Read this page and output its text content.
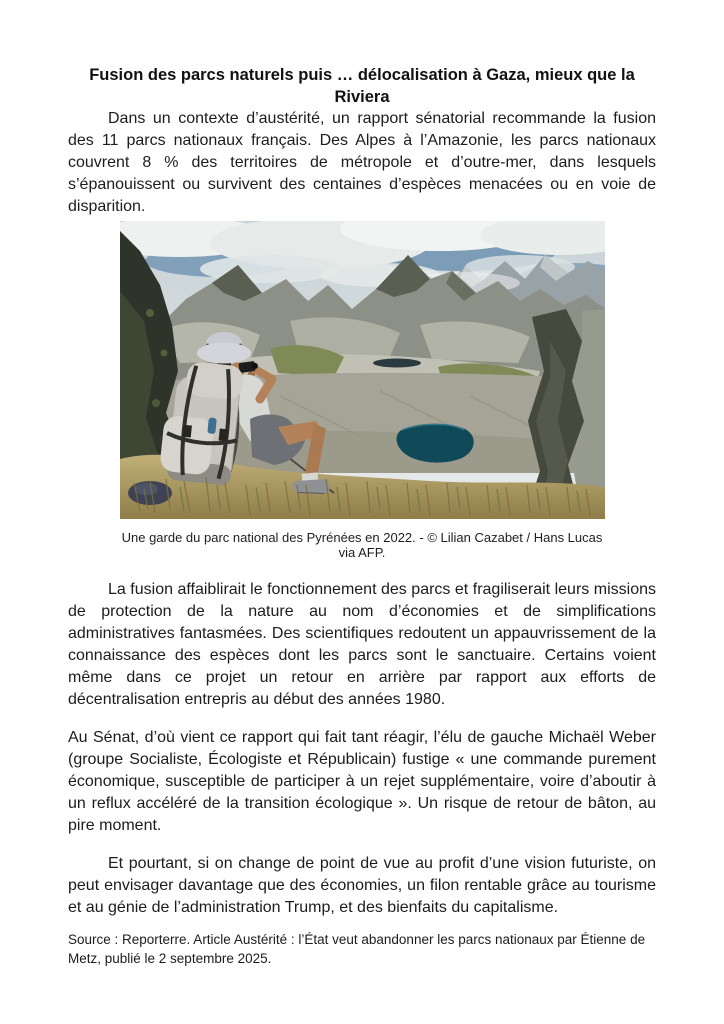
Fusion des parcs naturels puis … délocalisation à Gaza, mieux que la Riviera

Dans un contexte d’austérité, un rapport sénatorial recommande la fusion des 11 parcs nationaux français. Des Alpes à l’Amazonie, les parcs nationaux couvrent 8 % des territoires de métropole et d’outre-mer, dans lesquels s’épanouissent ou survivent des centaines d’espèces menacées ou en voie de disparition.

Une garde du parc national des Pyrénées en 2022. - © Lilian Cazabet / Hans Lucas via AFP.

La fusion affaiblirait le fonctionnement des parcs et fragiliserait leurs missions de protection de la nature au nom d’économies et de simplifications administratives fantasmées. Des scientifiques redoutent un appauvrissement de la connaissance des espèces dont les parcs sont le sanctuaire. Certains voient même dans ce projet un retour en arrière par rapport aux efforts de décentralisation entrepris au début des années 1980.

Au Sénat, d’où vient ce rapport qui fait tant réagir, l’élu de gauche Michaël Weber (groupe Socialiste, Écologiste et Républicain) fustige « une commande purement économique, susceptible de participer à un rejet supplémentaire, voire d’aboutir à un reflux accéléré de la transition écologique ». Un risque de retour de bâton, au pire moment.

Et pourtant, si on change de point de vue au profit d’une vision futuriste, on peut envisager davantage que des économies, un filon rentable grâce au tourisme et au génie de l’administration Trump, et des bienfaits du capitalisme.

Source : Reporterre. Article Austérité : l’État veut abandonner les parcs nationaux par Étienne de Metz, publié le 2 septembre 2025.
